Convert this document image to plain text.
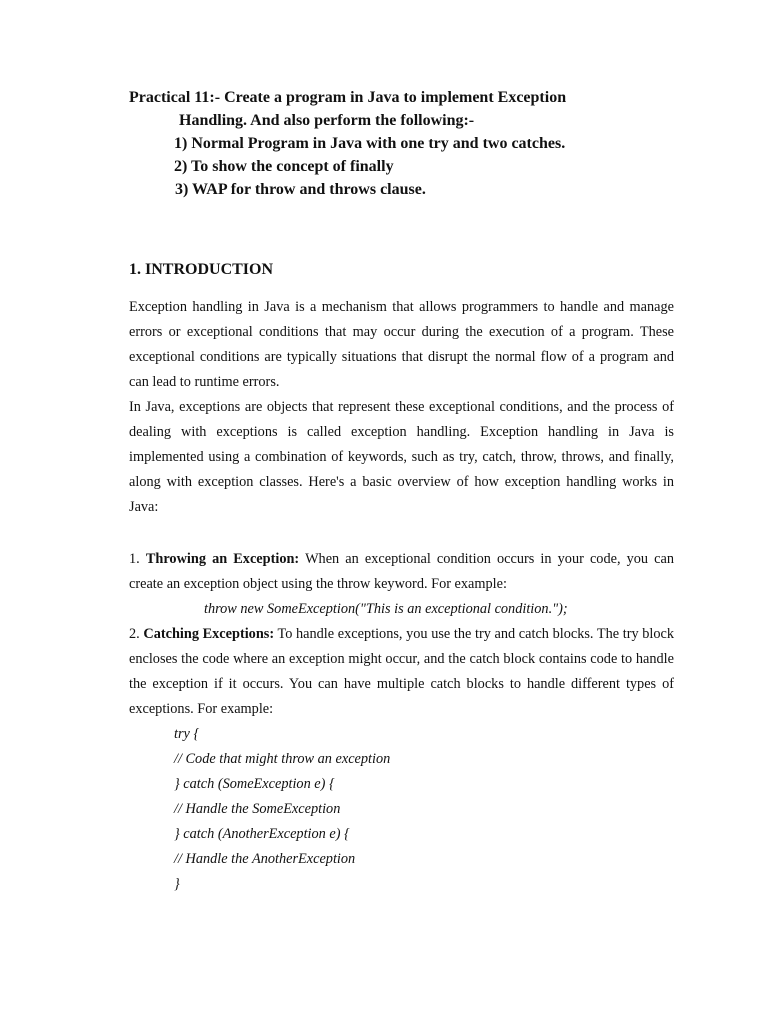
Practical 11:- Create a program in Java to implement Exception
Handling. And also perform the following:-
1) Normal Program in Java with one try and two catches.
2) To show the concept of finally
3) WAP for throw and throws clause.
1. INTRODUCTION
Exception handling in Java is a mechanism that allows programmers to handle and manage errors or exceptional conditions that may occur during the execution of a program. These exceptional conditions are typically situations that disrupt the normal flow of a program and can lead to runtime errors.
In Java, exceptions are objects that represent these exceptional conditions, and the process of dealing with exceptions is called exception handling. Exception handling in Java is implemented using a combination of keywords, such as try, catch, throw, throws, and finally, along with exception classes. Here's a basic overview of how exception handling works in Java:
1. Throwing an Exception: When an exceptional condition occurs in your code, you can create an exception object using the throw keyword. For example:
throw new SomeException("This is an exceptional condition.");
2. Catching Exceptions: To handle exceptions, you use the try and catch blocks. The try block encloses the code where an exception might occur, and the catch block contains code to handle the exception if it occurs. You can have multiple catch blocks to handle different types of exceptions. For example:
try {
// Code that might throw an exception
} catch (SomeException e) {
// Handle the SomeException
} catch (AnotherException e) {
// Handle the AnotherException
}
